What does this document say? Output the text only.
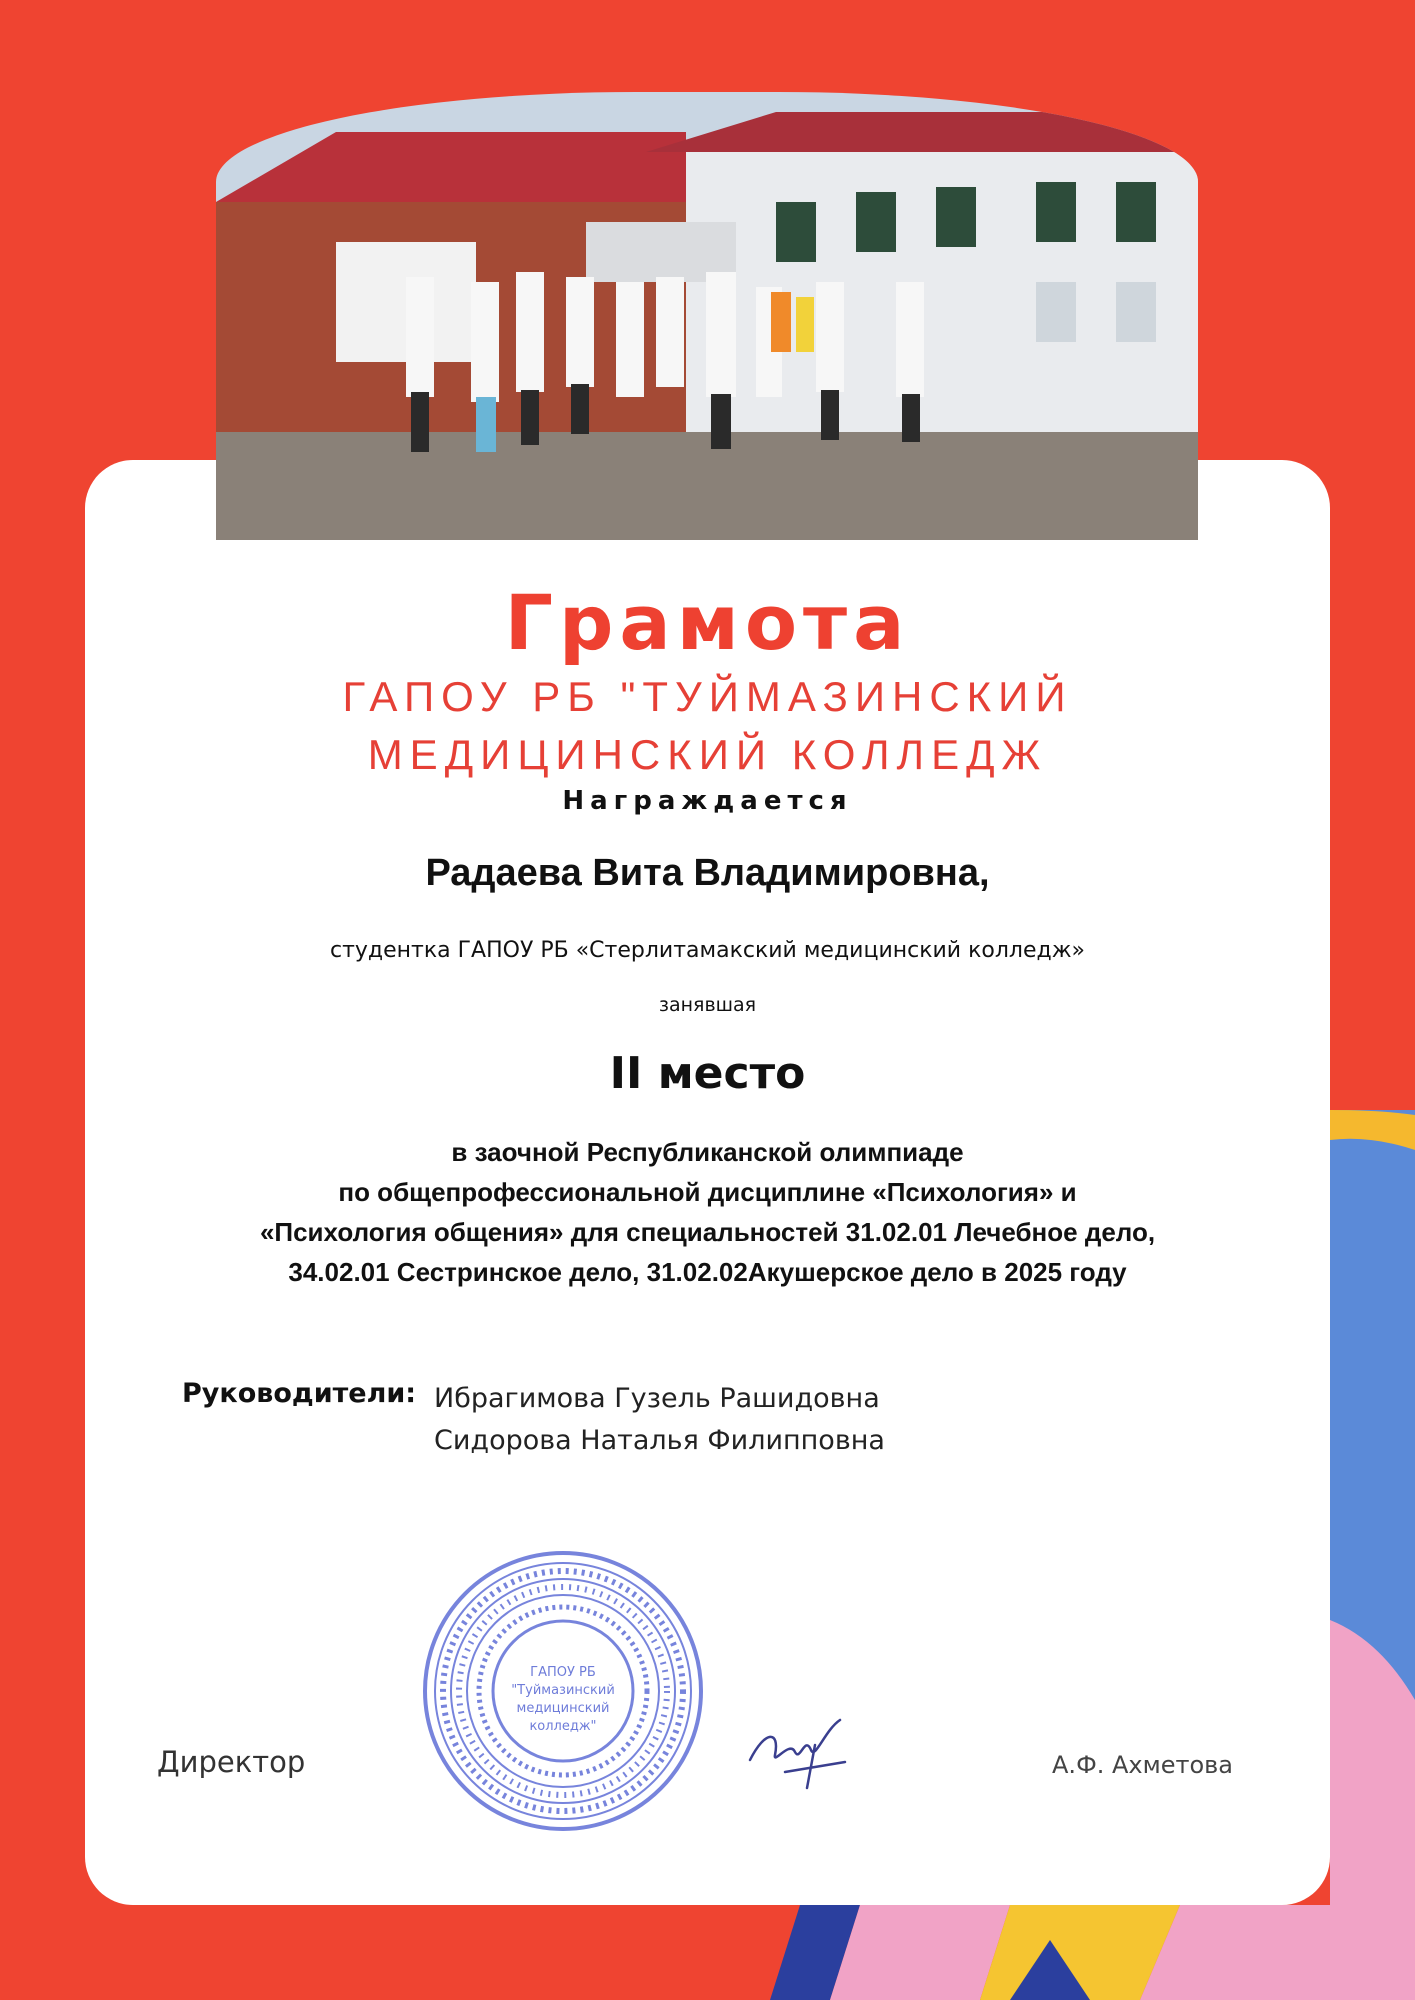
Грамота
ГАПОУ РБ "ТУЙМАЗИНСКИЙ
МЕДИЦИНСКИЙ КОЛЛЕДЖ
Награждается
Радаева Вита Владимировна,
студентка ГАПОУ РБ «Стерлитамакский медицинский колледж»
занявшая
II место
в заочной Республиканской олимпиаде
по общепрофессиональной дисциплине «Психология» и
«Психология общения» для специальностей 31.02.01 Лечебное дело,
34.02.01 Сестринское дело, 31.02.02Акушерское дело в 2025 году
Руководители: Ибрагимова Гузель Рашидовна
Сидорова Наталья Филипповна
ГАПОУ РБ
"Туймазинский
медицинский
колледж"
Директор	А.Ф. Ахметова
